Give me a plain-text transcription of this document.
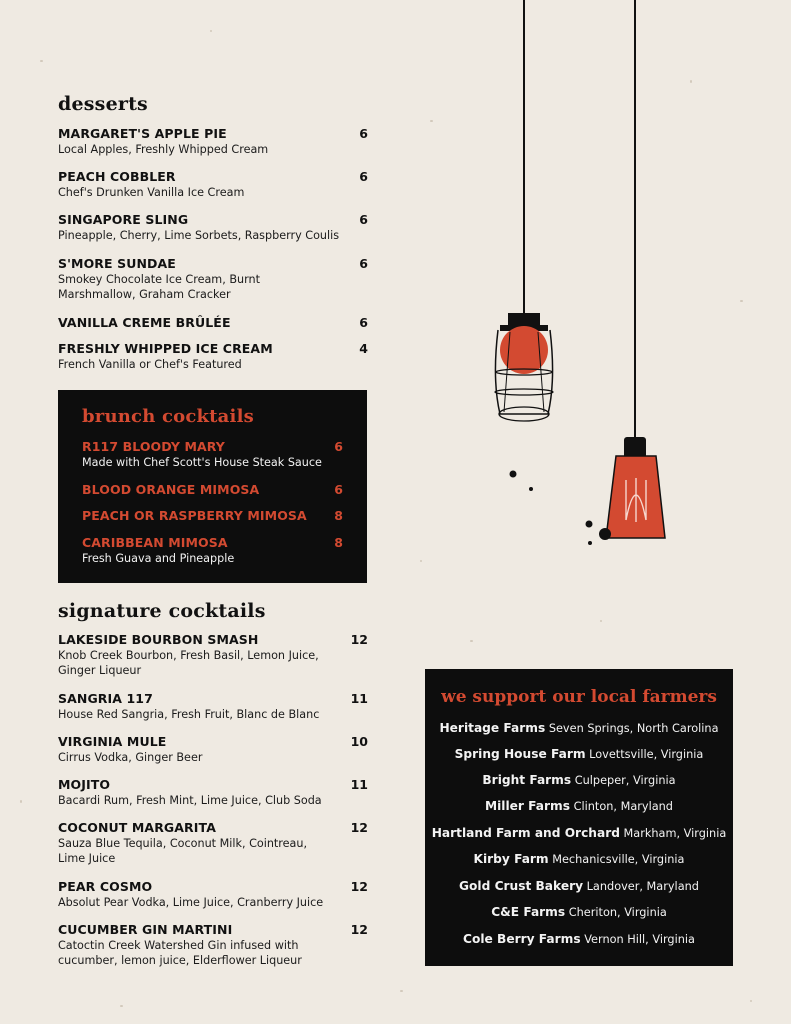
desserts
MARGARET'S APPLE PIE	6
Local Apples, Freshly Whipped Cream
PEACH COBBLER	6
Chef's Drunken Vanilla Ice Cream
SINGAPORE SLING	6
Pineapple, Cherry, Lime Sorbets, Raspberry Coulis
S'MORE SUNDAE	6
Smokey Chocolate Ice Cream, Burnt Marshmallow, Graham Cracker
VANILLA CREME BRÛLÉE	6
FRESHLY WHIPPED ICE CREAM	4
French Vanilla or Chef's Featured
brunch cocktails
R117 BLOODY MARY	6
Made with Chef Scott's House Steak Sauce
BLOOD ORANGE MIMOSA	6
PEACH OR RASPBERRY MIMOSA	8
CARIBBEAN MIMOSA	8
Fresh Guava and Pineapple
signature cocktails
LAKESIDE BOURBON SMASH	12
Knob Creek Bourbon, Fresh Basil, Lemon Juice, Ginger Liqueur
SANGRIA 117	11
House Red Sangria, Fresh Fruit, Blanc de Blanc
VIRGINIA MULE	10
Cirrus Vodka, Ginger Beer
MOJITO	11
Bacardi Rum, Fresh Mint, Lime Juice, Club Soda
COCONUT MARGARITA	12
Sauza Blue Tequila, Coconut Milk, Cointreau, Lime Juice
PEAR COSMO	12
Absolut Pear Vodka, Lime Juice, Cranberry Juice
CUCUMBER GIN MARTINI	12
Catoctin Creek Watershed Gin infused with cucumber, lemon juice, Elderflower Liqueur
we support our local farmers
Heritage Farms Seven Springs, North Carolina
Spring House Farm Lovettsville, Virginia
Bright Farms Culpeper, Virginia
Miller Farms Clinton, Maryland
Hartland Farm and Orchard Markham, Virginia
Kirby Farm Mechanicsville, Virginia
Gold Crust Bakery Landover, Maryland
C&E Farms Cheriton, Virginia
Cole Berry Farms Vernon Hill, Virginia
